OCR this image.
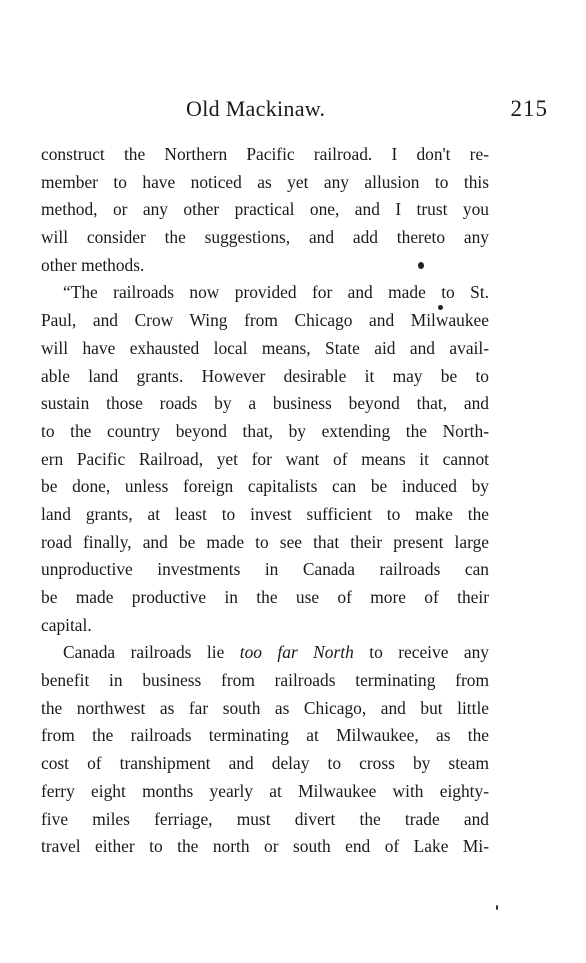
Old Mackinaw.	215
construct the Northern Pacific railroad. I don't re-
member to have noticed as yet any allusion to this
method, or any other practical one, and I trust you
will consider the suggestions, and add thereto any
other methods.
“The railroads now provided for and made to St.
Paul, and Crow Wing from Chicago and Milwaukee
will have exhausted local means, State aid and avail-
able land grants. However desirable it may be to
sustain those roads by a business beyond that, and
to the country beyond that, by extending the North-
ern Pacific Railroad, yet for want of means it cannot
be done, unless foreign capitalists can be induced by
land grants, at least to invest sufficient to make the
road finally, and be made to see that their present large
unproductive investments in Canada railroads can
be made productive in the use of more of their
capital.
Canada railroads lie too far North to receive any
benefit in business from railroads terminating from
the northwest as far south as Chicago, and but little
from the railroads terminating at Milwaukee, as the
cost of transhipment and delay to cross by steam
ferry eight months yearly at Milwaukee with eighty-
five miles ferriage, must divert the trade and
travel either to the north or south end of Lake Mi-
